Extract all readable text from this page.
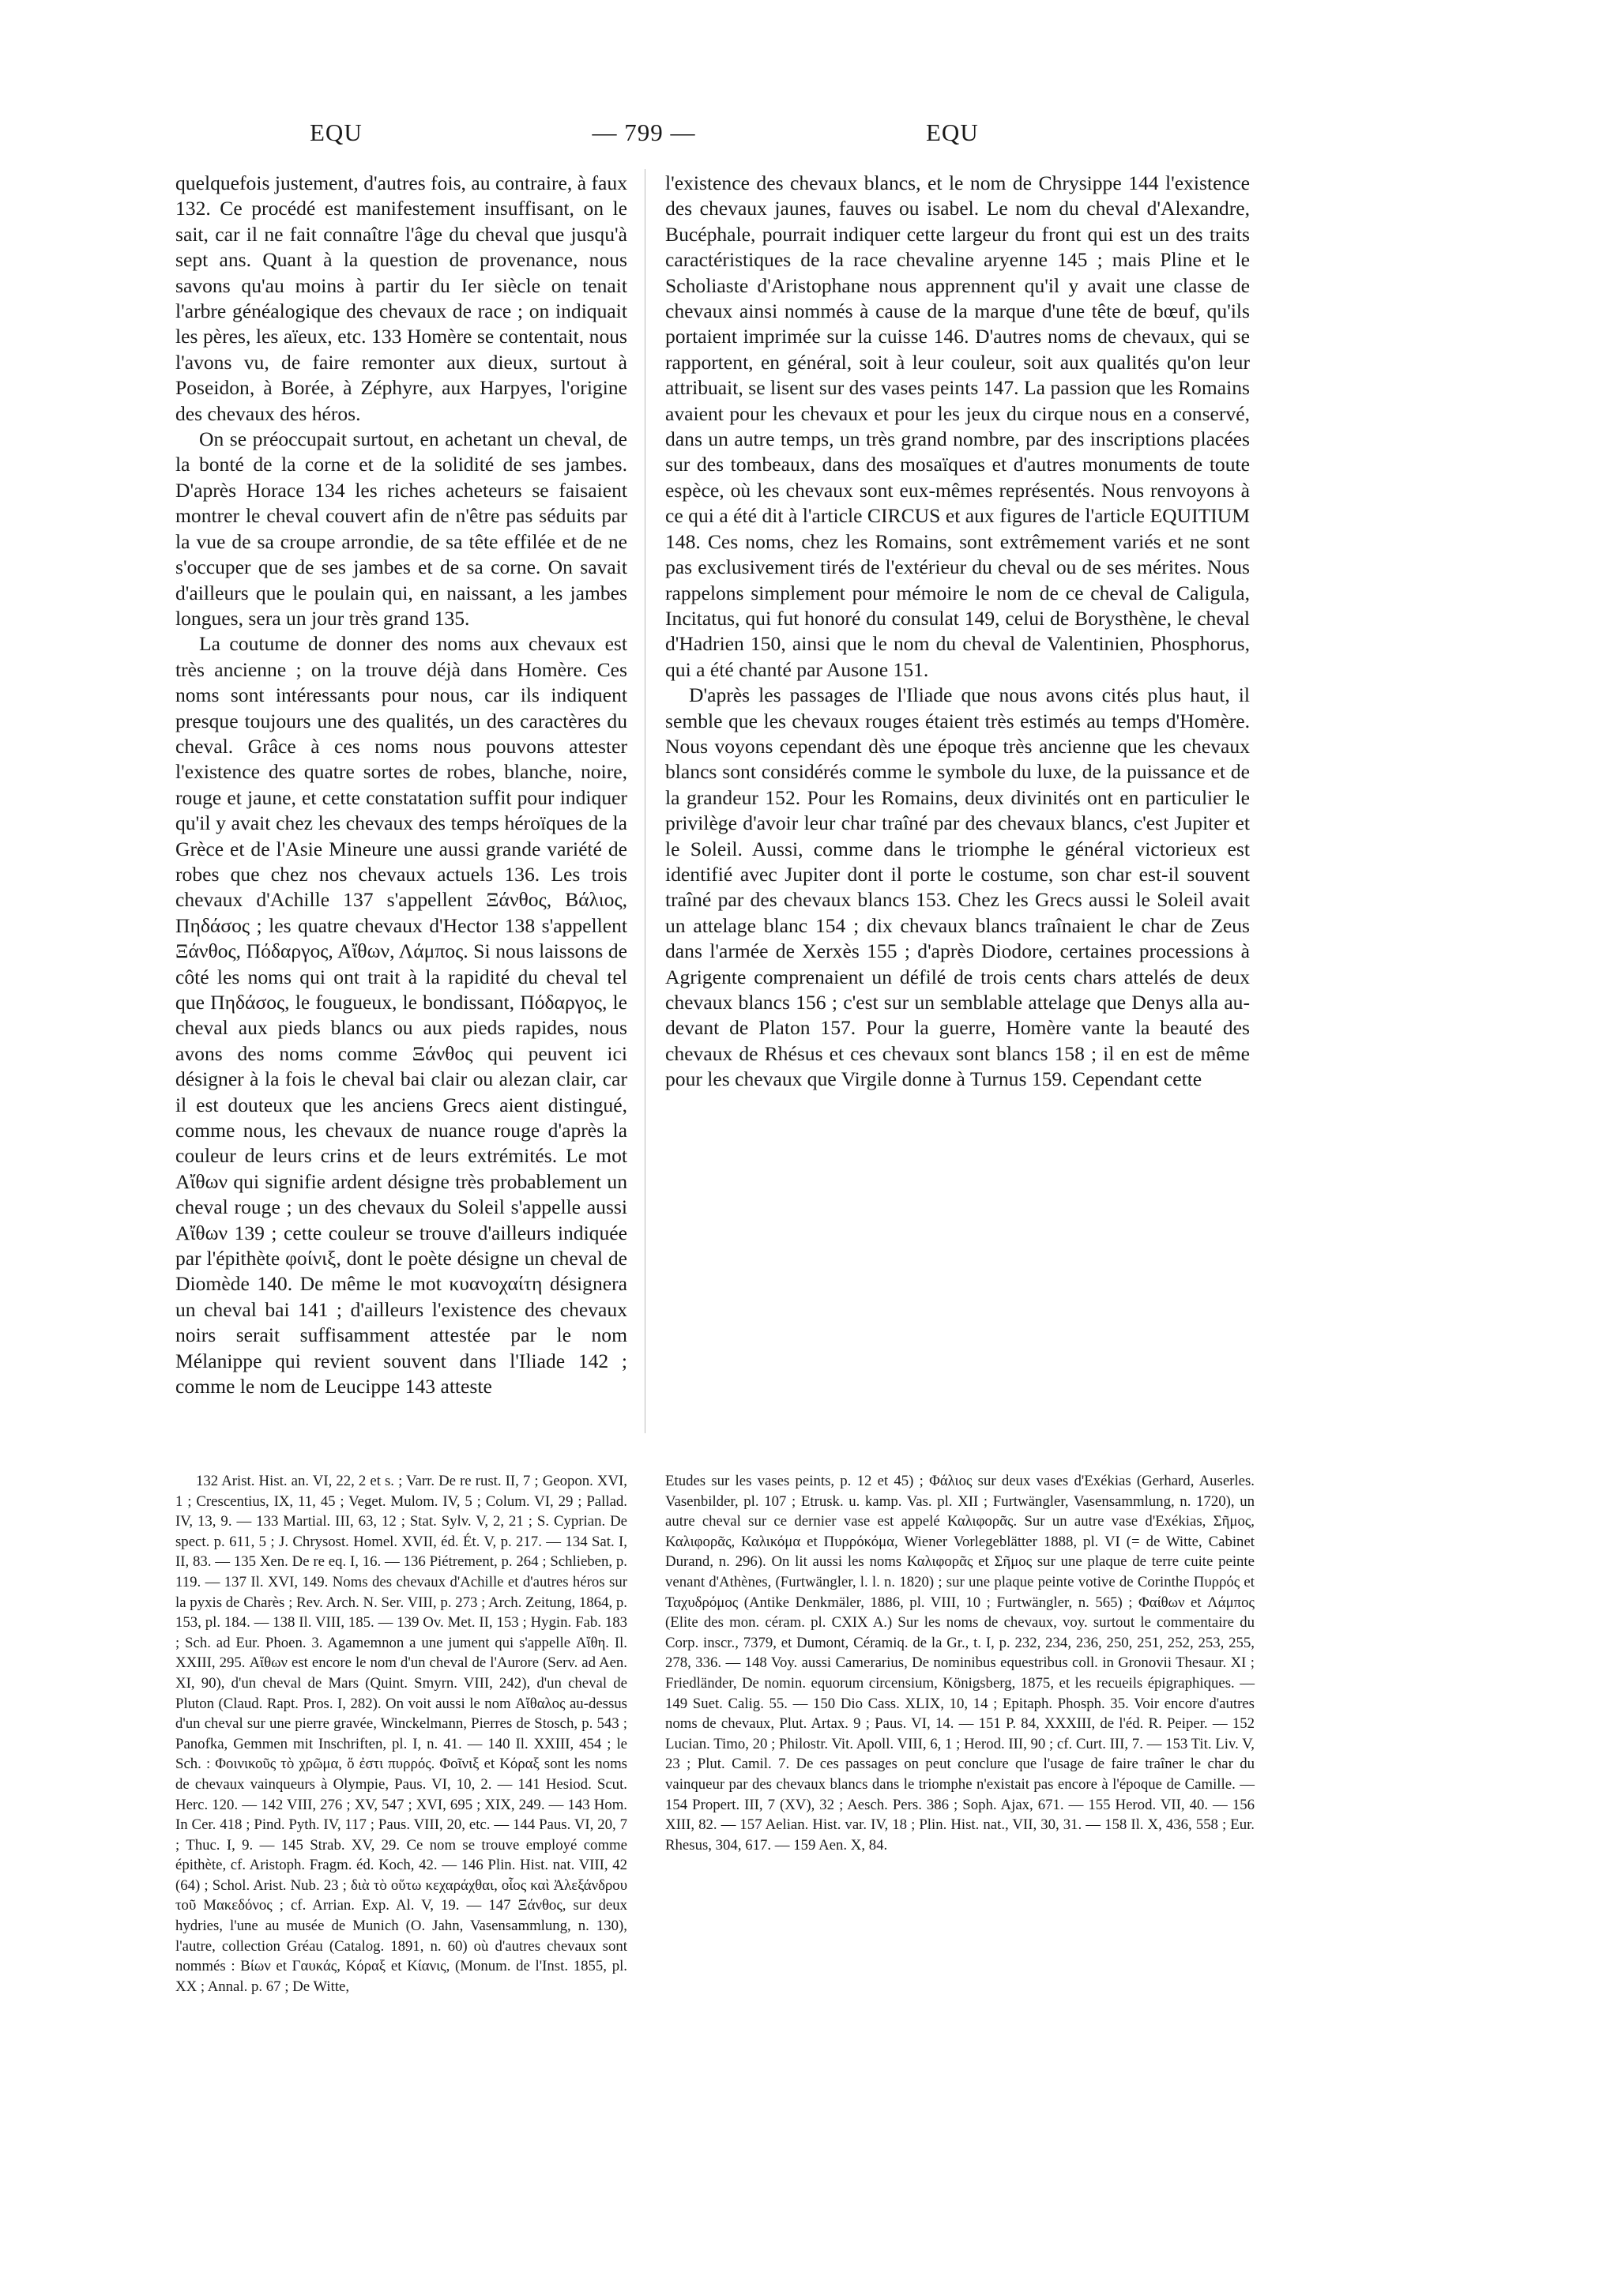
EQU	— 799 —	EQU

quelquefois justement, d'autres fois, au contraire, à faux 132. Ce procédé est manifestement insuffisant, on le sait, car il ne fait connaître l'âge du cheval que jusqu'à sept ans. Quant à la question de provenance, nous savons qu'au moins à partir du Ier siècle on tenait l'arbre généalogique des chevaux de race ; on indiquait les pères, les aïeux, etc. 133 Homère se contentait, nous l'avons vu, de faire remonter aux dieux, surtout à Poseidon, à Borée, à Zéphyre, aux Harpyes, l'origine des chevaux des héros.

On se préoccupait surtout, en achetant un cheval, de la bonté de la corne et de la solidité de ses jambes. D'après Horace 134 les riches acheteurs se faisaient montrer le cheval couvert afin de n'être pas séduits par la vue de sa croupe arrondie, de sa tête effilée et de ne s'occuper que de ses jambes et de sa corne. On savait d'ailleurs que le poulain qui, en naissant, a les jambes longues, sera un jour très grand 135.

La coutume de donner des noms aux chevaux est très ancienne ; on la trouve déjà dans Homère. Ces noms sont intéressants pour nous, car ils indiquent presque toujours une des qualités, un des caractères du cheval. Grâce à ces noms nous pouvons attester l'existence des quatre sortes de robes, blanche, noire, rouge et jaune, et cette constatation suffit pour indiquer qu'il y avait chez les chevaux des temps héroïques de la Grèce et de l'Asie Mineure une aussi grande variété de robes que chez nos chevaux actuels 136. Les trois chevaux d'Achille 137 s'appellent Ξάνθος, Βάλιος, Πηδάσος ; les quatre chevaux d'Hector 138 s'appellent Ξάνθος, Πόδαργος, Αἴθων, Λάμπος. Si nous laissons de côté les noms qui ont trait à la rapidité du cheval tel que Πηδάσος, le fougueux, le bondissant, Πόδαργος, le cheval aux pieds blancs ou aux pieds rapides, nous avons des noms comme Ξάνθος qui peuvent ici désigner à la fois le cheval bai clair ou alezan clair, car il est douteux que les anciens Grecs aient distingué, comme nous, les chevaux de nuance rouge d'après la couleur de leurs crins et de leurs extrémités. Le mot Αἴθων qui signifie ardent désigne très probablement un cheval rouge ; un des chevaux du Soleil s'appelle aussi Αἴθων 139 ; cette couleur se trouve d'ailleurs indiquée par l'épithète φοίνιξ, dont le poète désigne un cheval de Diomède 140. De même le mot κυανοχαίτη désignera un cheval bai 141 ; d'ailleurs l'existence des chevaux noirs serait suffisamment attestée par le nom Mélanippe qui revient souvent dans l'Iliade 142 ; comme le nom de Leucippe 143 atteste

l'existence des chevaux blancs, et le nom de Chrysippe 144 l'existence des chevaux jaunes, fauves ou isabel. Le nom du cheval d'Alexandre, Bucéphale, pourrait indiquer cette largeur du front qui est un des traits caractéristiques de la race chevaline aryenne 145 ; mais Pline et le Scholiaste d'Aristophane nous apprennent qu'il y avait une classe de chevaux ainsi nommés à cause de la marque d'une tête de bœuf, qu'ils portaient imprimée sur la cuisse 146. D'autres noms de chevaux, qui se rapportent, en général, soit à leur couleur, soit aux qualités qu'on leur attribuait, se lisent sur des vases peints 147. La passion que les Romains avaient pour les chevaux et pour les jeux du cirque nous en a conservé, dans un autre temps, un très grand nombre, par des inscriptions placées sur des tombeaux, dans des mosaïques et d'autres monuments de toute espèce, où les chevaux sont eux-mêmes représentés. Nous renvoyons à ce qui a été dit à l'article CIRCUS et aux figures de l'article EQUITIUM 148. Ces noms, chez les Romains, sont extrêmement variés et ne sont pas exclusivement tirés de l'extérieur du cheval ou de ses mérites. Nous rappelons simplement pour mémoire le nom de ce cheval de Caligula, Incitatus, qui fut honoré du consulat 149, celui de Borysthène, le cheval d'Hadrien 150, ainsi que le nom du cheval de Valentinien, Phosphorus, qui a été chanté par Ausone 151.

D'après les passages de l'Iliade que nous avons cités plus haut, il semble que les chevaux rouges étaient très estimés au temps d'Homère. Nous voyons cependant dès une époque très ancienne que les chevaux blancs sont considérés comme le symbole du luxe, de la puissance et de la grandeur 152. Pour les Romains, deux divinités ont en particulier le privilège d'avoir leur char traîné par des chevaux blancs, c'est Jupiter et le Soleil. Aussi, comme dans le triomphe le général victorieux est identifié avec Jupiter dont il porte le costume, son char est-il souvent traîné par des chevaux blancs 153. Chez les Grecs aussi le Soleil avait un attelage blanc 154 ; dix chevaux blancs traînaient le char de Zeus dans l'armée de Xerxès 155 ; d'après Diodore, certaines processions à Agrigente comprenaient un défilé de trois cents chars attelés de deux chevaux blancs 156 ; c'est sur un semblable attelage que Denys alla au-devant de Platon 157. Pour la guerre, Homère vante la beauté des chevaux de Rhésus et ces chevaux sont blancs 158 ; il en est de même pour les chevaux que Virgile donne à Turnus 159. Cependant cette

132 Arist. Hist. an. VI, 22, 2 et s. ; Varr. De re rust. II, 7 ; Geopon. XVI, 1 ; Crescentius, IX, 11, 45 ; Veget. Mulom. IV, 5 ; Colum. VI, 29 ; Pallad. IV, 13, 9. — 133 Martial. III, 63, 12 ; Stat. Sylv. V, 2, 21 ; S. Cyprian. De spect. p. 611, 5 ; J. Chrysost. Homel. XVII, éd. Ét. V, p. 217. — 134 Sat. I, II, 83. — 135 Xen. De re eq. I, 16. — 136 Piétrement, p. 264 ; Schlieben, p. 119. — 137 Il. XVI, 149. Noms des chevaux d'Achille et d'autres héros sur la pyxis de Charès ; Rev. Arch. N. Ser. VIII, p. 273 ; Arch. Zeitung, 1864, p. 153, pl. 184. — 138 Il. VIII, 185. — 139 Ov. Met. II, 153 ; Hygin. Fab. 183 ; Sch. ad Eur. Phoen. 3. Agamemnon a une jument qui s'appelle Αἴθη. Il. XXIII, 295. Αἴθων est encore le nom d'un cheval de l'Aurore (Serv. ad Aen. XI, 90), d'un cheval de Mars (Quint. Smyrn. VIII, 242), d'un cheval de Pluton (Claud. Rapt. Pros. I, 282). On voit aussi le nom Αἴθαλος au-dessus d'un cheval sur une pierre gravée, Winckelmann, Pierres de Stosch, p. 543 ; Panofka, Gemmen mit Inschriften, pl. I, n. 41. — 140 Il. XXIII, 454 ; le Sch. : Φοινικοῦς τὸ χρῶμα, ὅ ἐστι πυρρός. Φοῖνιξ et Κόραξ sont les noms de chevaux vainqueurs à Olympie, Paus. VI, 10, 2. — 141 Hesiod. Scut. Herc. 120. — 142 VIII, 276 ; XV, 547 ; XVI, 695 ; XIX, 249. — 143 Hom. In Cer. 418 ; Pind. Pyth. IV, 117 ; Paus. VIII, 20, etc. — 144 Paus. VI, 20, 7 ; Thuc. I, 9. — 145 Strab. XV, 29. Ce nom se trouve employé comme épithète, cf. Aristoph. Fragm. éd. Koch, 42. — 146 Plin. Hist. nat. VIII, 42 (64) ; Schol. Arist. Nub. 23 ; διὰ τὸ οὕτω κεχαράχθαι, οἷος καὶ Ἀλεξάνδρου τοῦ Μακεδόνος ; cf. Arrian. Exp. Al. V, 19. — 147 Ξάνθος, sur deux hydries, l'une au musée de Munich (O. Jahn, Vasensammlung, n. 130), l'autre, collection Gréau (Catalog. 1891, n. 60) où d'autres chevaux sont nommés : Βίων et Γαυκάς, Κόραξ et Κίανις, (Monum. de l'Inst. 1855, pl. XX ; Annal. p. 67 ; De Witte,

Etudes sur les vases peints, p. 12 et 45) ; Φάλιος sur deux vases d'Exékias (Gerhard, Auserles. Vasenbilder, pl. 107 ; Etrusk. u. kamp. Vas. pl. XII ; Furtwängler, Vasensammlung, n. 1720), un autre cheval sur ce dernier vase est appelé Καλιφορᾶς. Sur un autre vase d'Exékias, Σῆμος, Καλιφορᾶς, Καλικόμα et Πυρρόκόμα, Wiener Vorlegeblätter 1888, pl. VI (= de Witte, Cabinet Durand, n. 296). On lit aussi les noms Καλιφορᾶς et Σῆμος sur une plaque de terre cuite peinte venant d'Athènes, (Furtwängler, l. l. n. 1820) ; sur une plaque peinte votive de Corinthe Πυρρός et Ταχυδρόμος (Antike Denkmäler, 1886, pl. VIII, 10 ; Furtwängler, n. 565) ; Φαίθων et Λάμπος (Elite des mon. céram. pl. CXIX A.) Sur les noms de chevaux, voy. surtout le commentaire du Corp. inscr., 7379, et Dumont, Céramiq. de la Gr., t. I, p. 232, 234, 236, 250, 251, 252, 253, 255, 278, 336. — 148 Voy. aussi Camerarius, De nominibus equestribus coll. in Gronovii Thesaur. XI ; Friedländer, De nomin. equorum circensium, Königsberg, 1875, et les recueils épigraphiques. — 149 Suet. Calig. 55. — 150 Dio Cass. XLIX, 10, 14 ; Epitaph. Phosph. 35. Voir encore d'autres noms de chevaux, Plut. Artax. 9 ; Paus. VI, 14. — 151 P. 84, XXXIII, de l'éd. R. Peiper. — 152 Lucian. Timo, 20 ; Philostr. Vit. Apoll. VIII, 6, 1 ; Herod. III, 90 ; cf. Curt. III, 7. — 153 Tit. Liv. V, 23 ; Plut. Camil. 7. De ces passages on peut conclure que l'usage de faire traîner le char du vainqueur par des chevaux blancs dans le triomphe n'existait pas encore à l'époque de Camille. — 154 Propert. III, 7 (XV), 32 ; Aesch. Pers. 386 ; Soph. Ajax, 671. — 155 Herod. VII, 40. — 156 XIII, 82. — 157 Aelian. Hist. var. IV, 18 ; Plin. Hist. nat., VII, 30, 31. — 158 Il. X, 436, 558 ; Eur. Rhesus, 304, 617. — 159 Aen. X, 84.
